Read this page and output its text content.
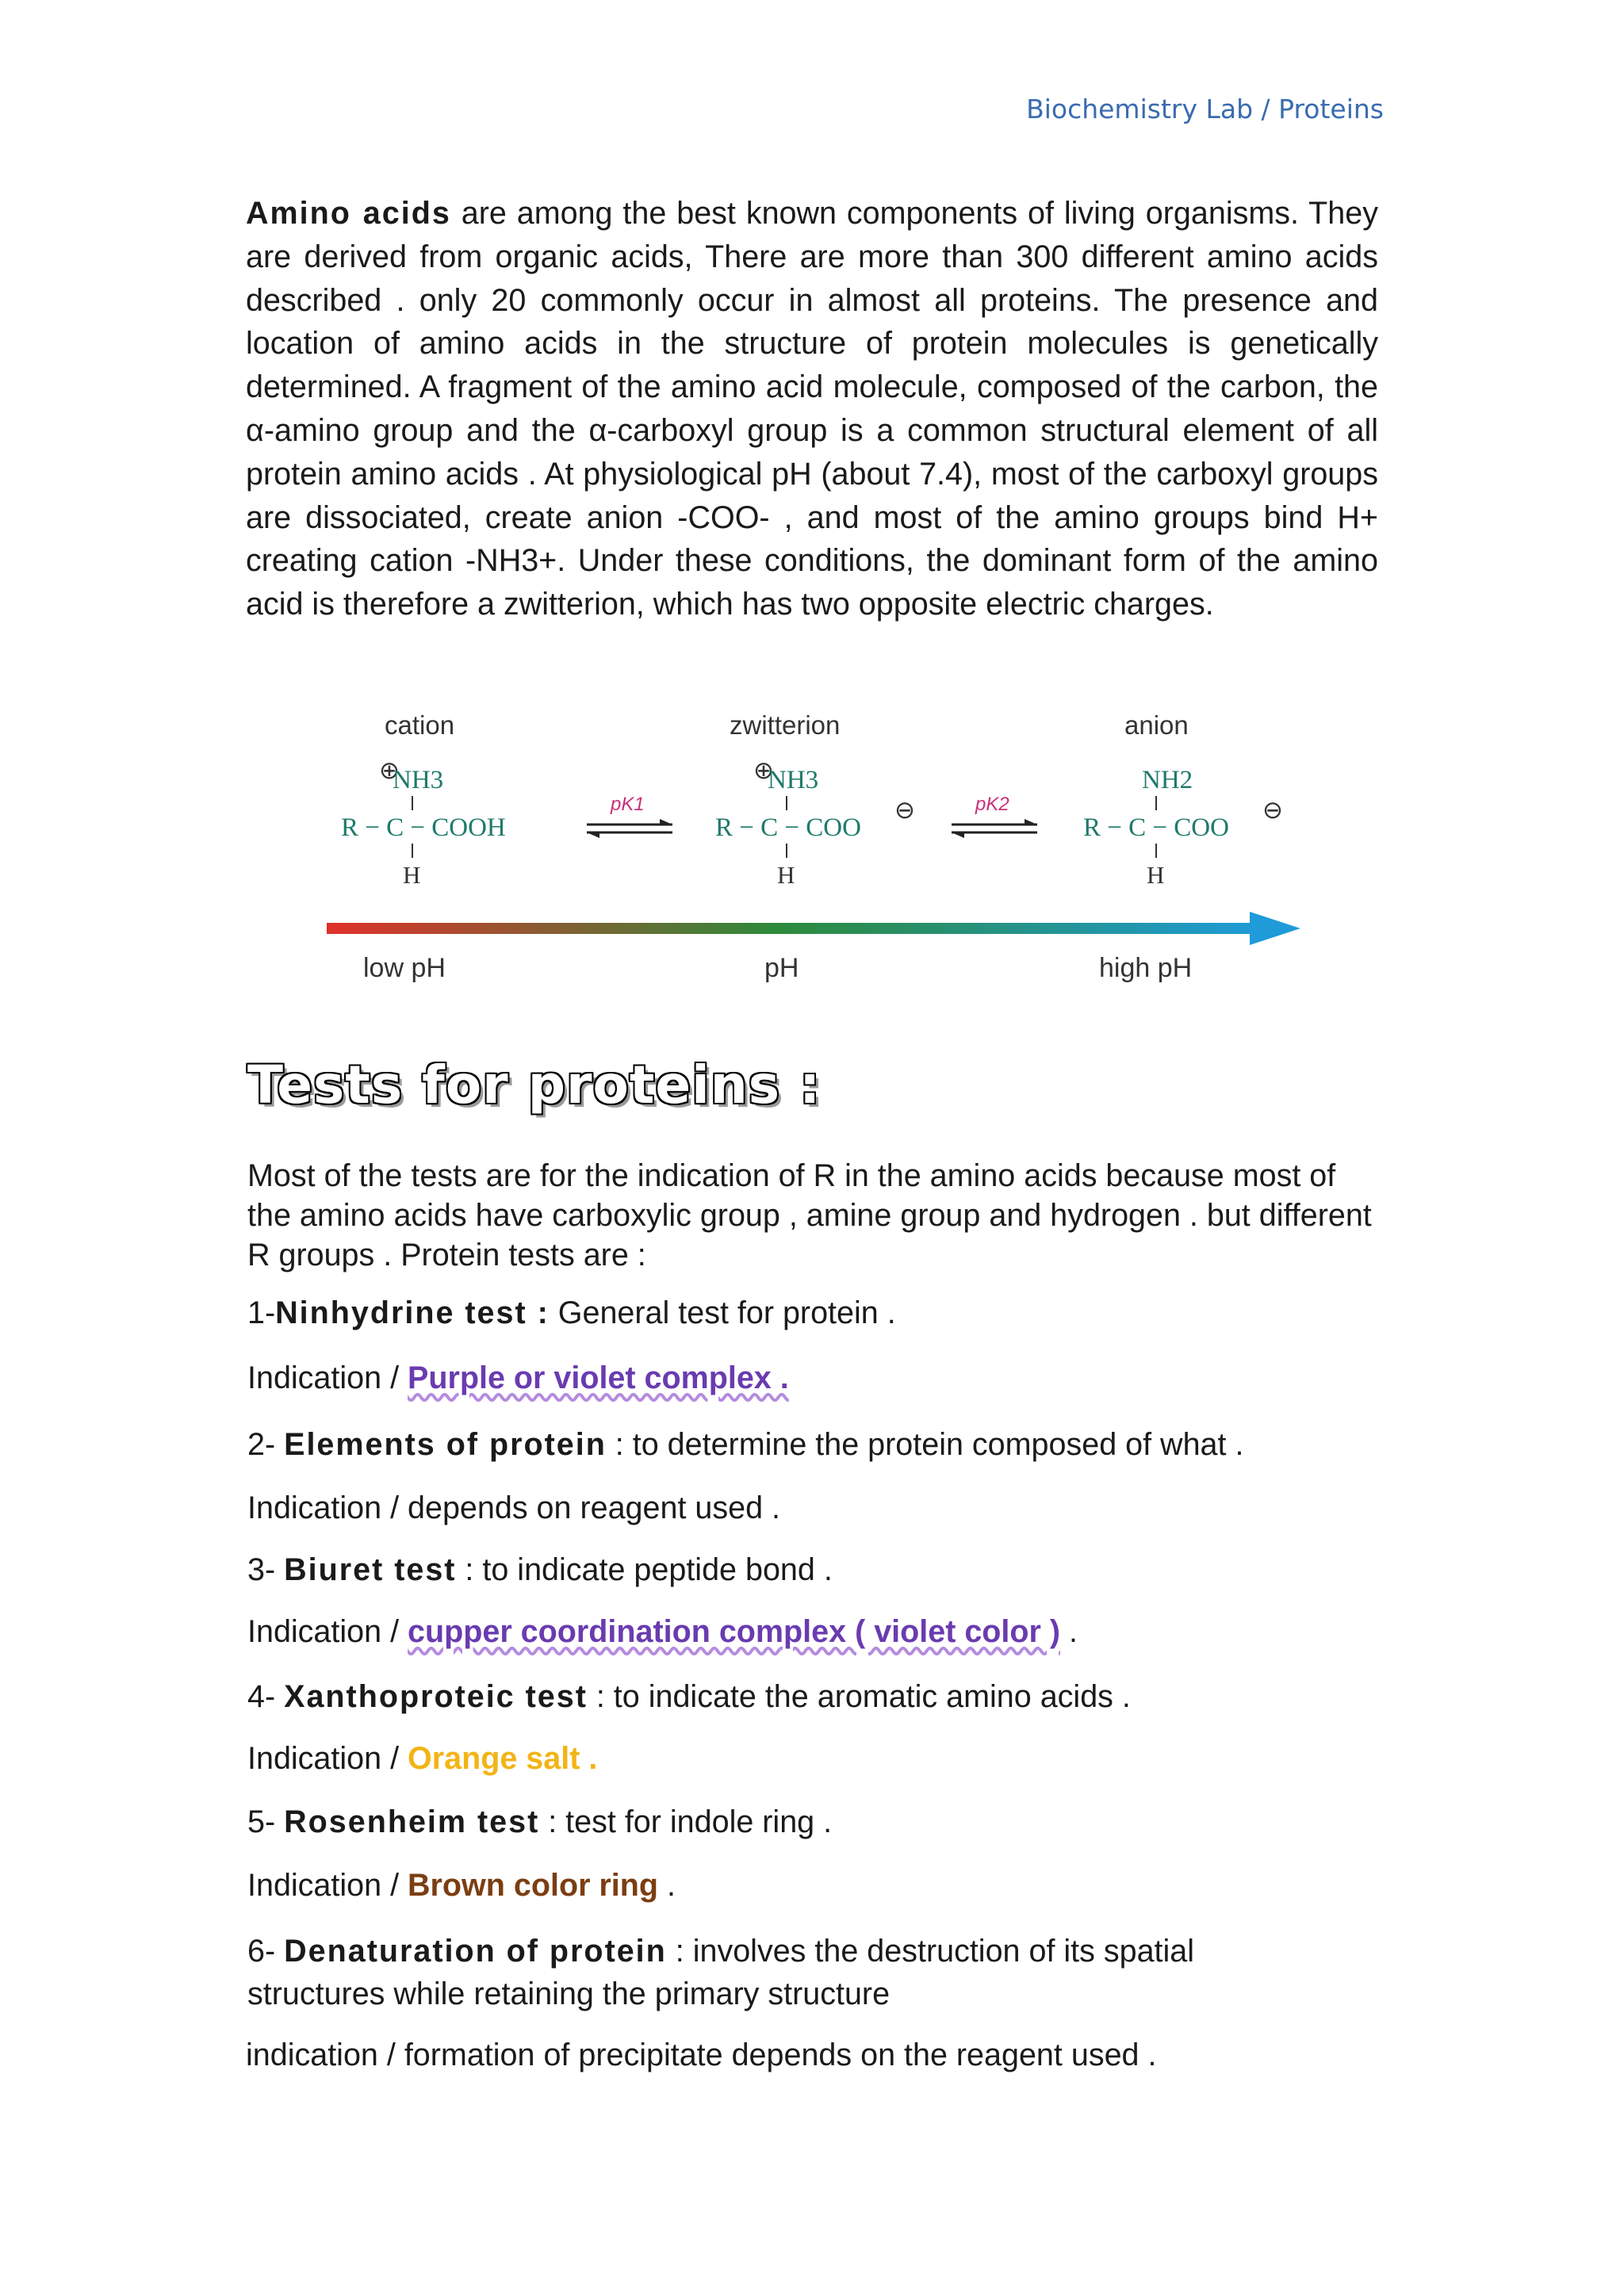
Biochemistry Lab / Proteins
Amino acids are among the best known components of living organisms. They are derived from organic acids, There are more than 300 different amino acids described . only 20 commonly occur in almost all proteins. The presence and location of amino acids in the structure of protein molecules is genetically determined. A fragment of the amino acid molecule, composed of the carbon, the α-amino group and the α-carboxyl group is a common structural element of all protein amino acids . At physiological pH (about 7.4), most of the carboxyl groups are dissociated, create anion -COO- , and most of the amino groups bind H+ creating cation -NH3+. Under these conditions, the dominant form of the amino acid is therefore a zwitterion, which has two opposite electric charges.
cation	zwitterion	anion
⊕
NH3
R − C − COOH
H
pK1
⊕
NH3
R − C − COO
⊖
H
pK2
NH2
R − C − COO
⊖
H
low pH	pH	high pH
Tests for proteins :
Most of the tests are for the indication of R in the amino acids because most of the amino acids have carboxylic group , amine group and hydrogen . but different R groups . Protein tests are :
1-Ninhydrine test : General test for protein .
Indication / Purple or violet complex .
2- Elements of protein : to determine the protein composed of what .
Indication / depends on reagent used .
3- Biuret test : to indicate peptide bond .
Indication / cupper coordination complex ( violet color ) .
4- Xanthoproteic test : to indicate the aromatic amino acids .
Indication / Orange salt .
5- Rosenheim test : test for indole ring .
Indication / Brown color ring .
6- Denaturation of protein : involves the destruction of its spatial structures while retaining the primary structure
indication / formation of precipitate depends on the reagent used .
